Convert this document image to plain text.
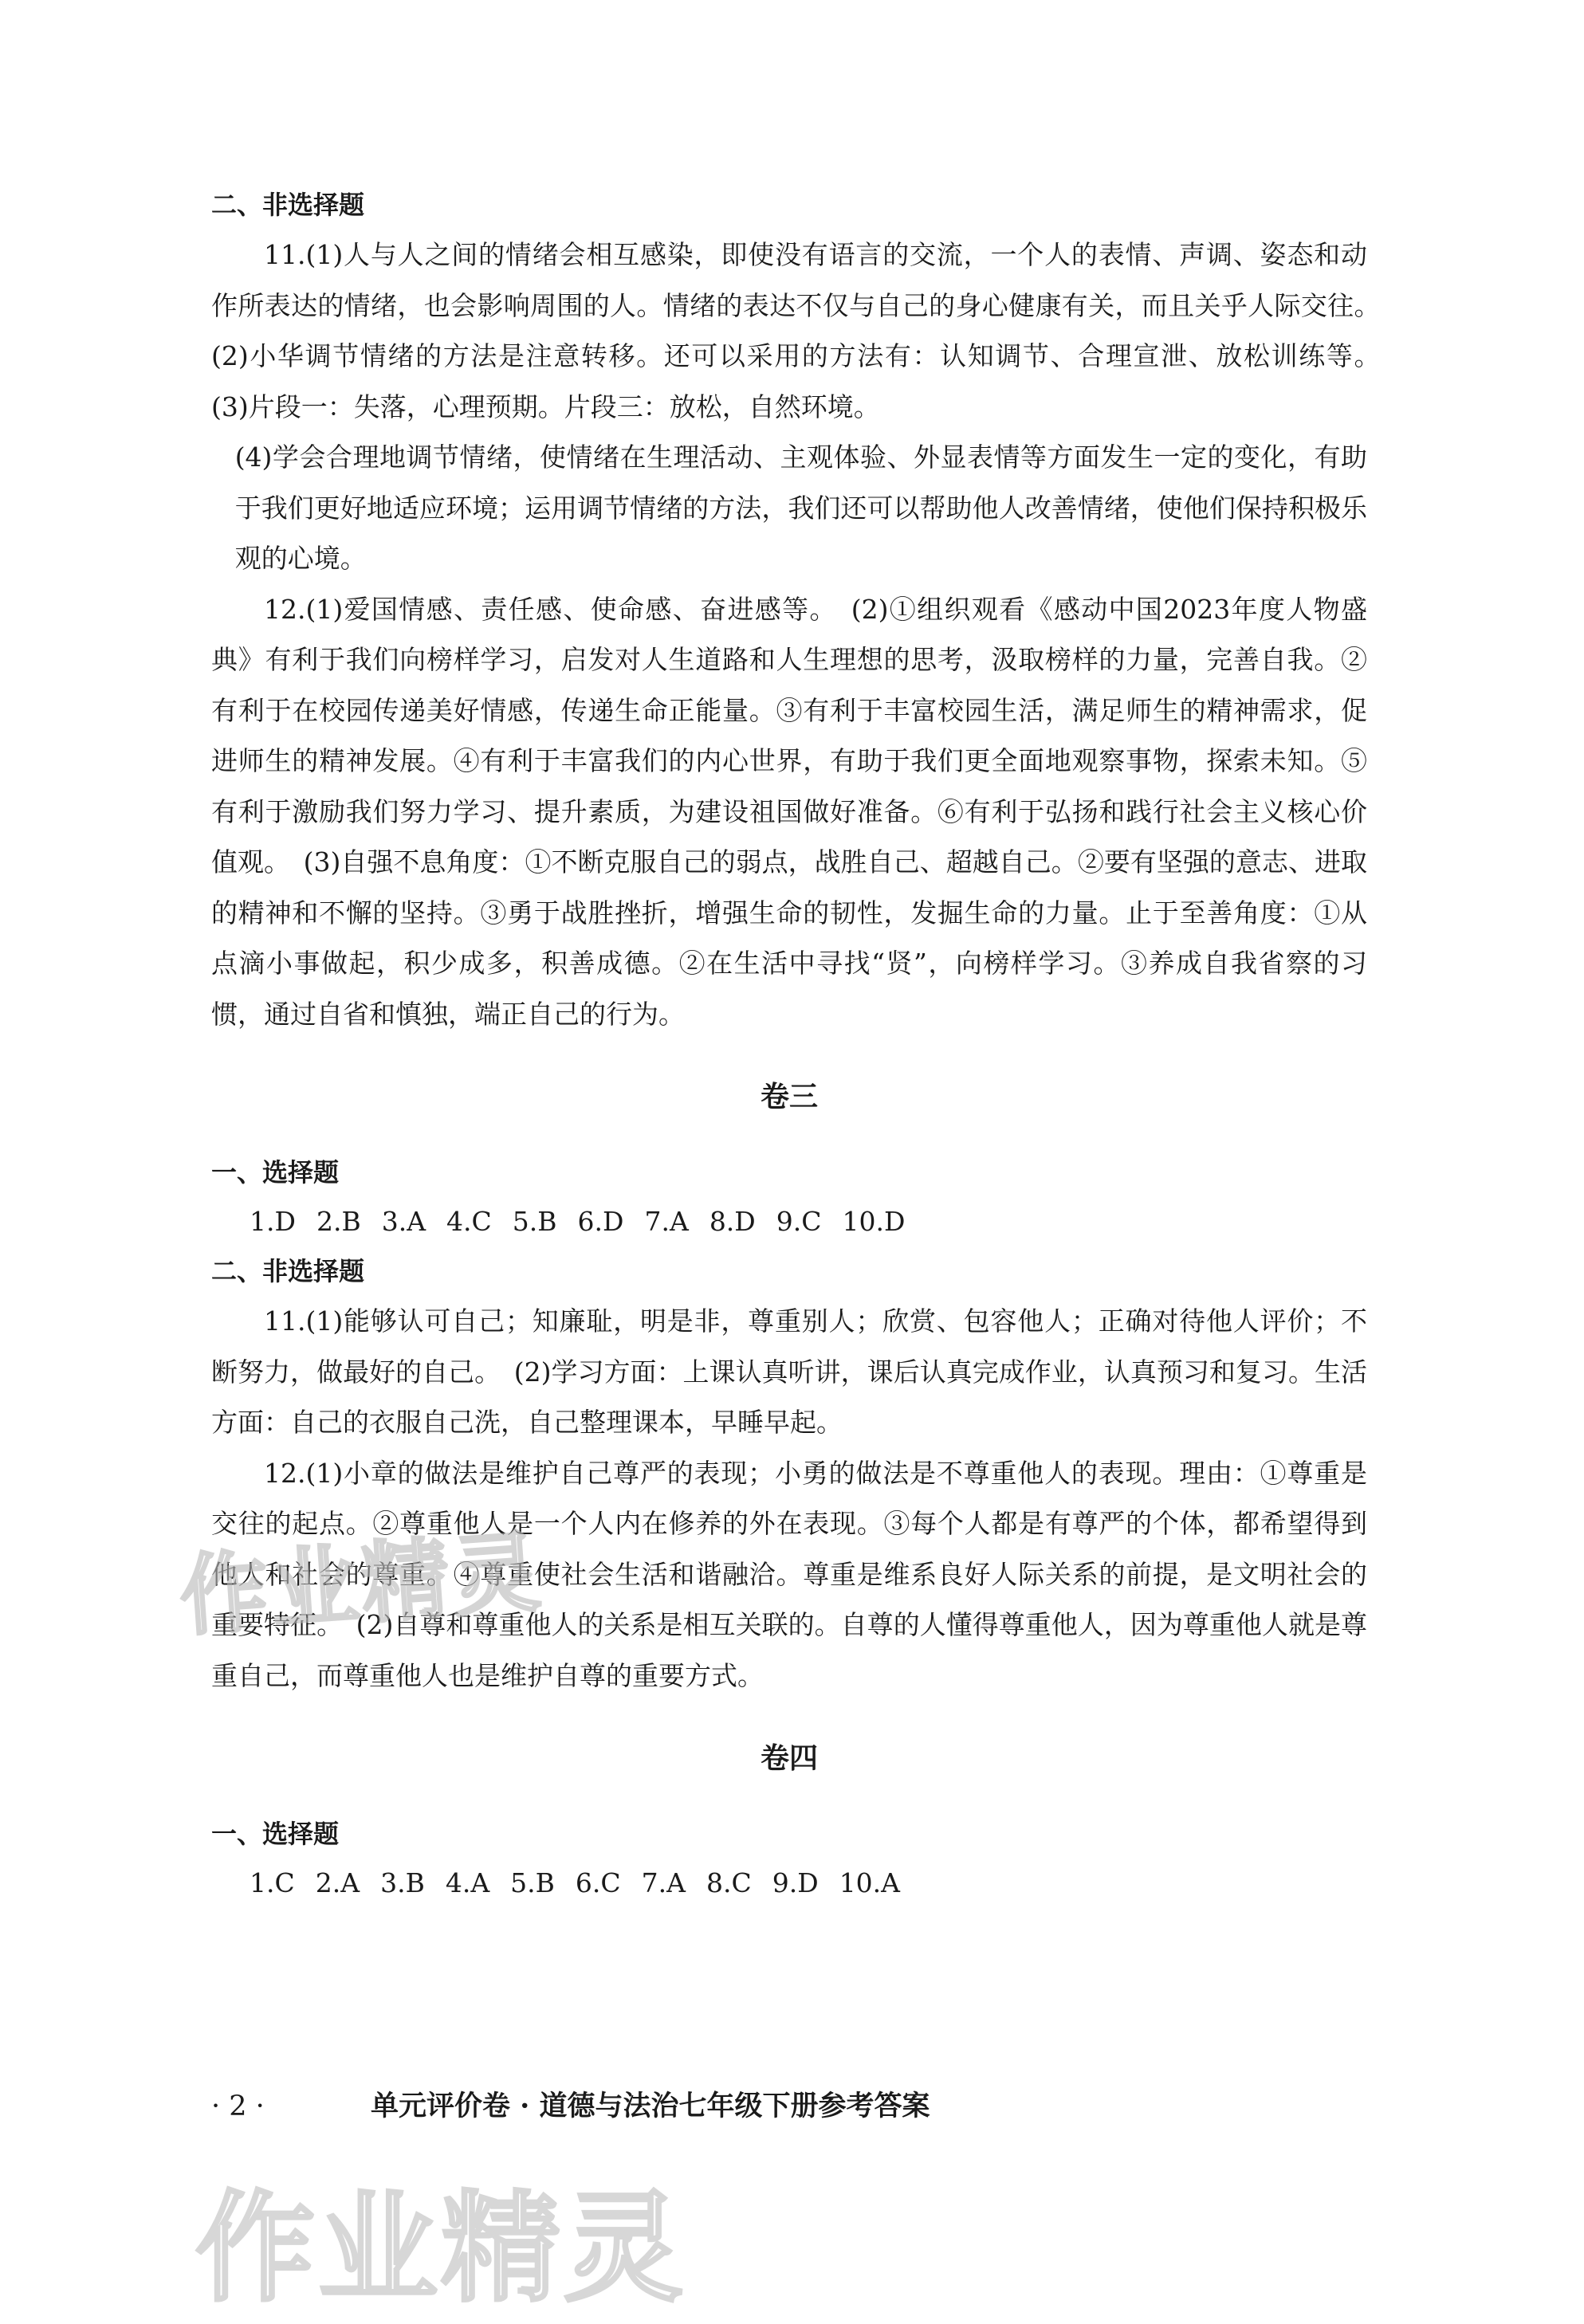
二、非选择题

11.(1)人与人之间的情绪会相互感染，即使没有语言的交流，一个人的表情、声调、姿态和动作所表达的情绪，也会影响周围的人。情绪的表达不仅与自己的身心健康有关，而且关乎人际交往。　(2)小华调节情绪的方法是注意转移。还可以采用的方法有：认知调节、合理宣泄、放松训练等。　(3)片段一：失落，心理预期。片段三：放松，自然环境。

(4)学会合理地调节情绪，使情绪在生理活动、主观体验、外显表情等方面发生一定的变化，有助于我们更好地适应环境；运用调节情绪的方法，我们还可以帮助他人改善情绪，使他们保持积极乐观的心境。

12.(1)爱国情感、责任感、使命感、奋进感等。　(2)①组织观看《感动中国2023年度人物盛典》有利于我们向榜样学习，启发对人生道路和人生理想的思考，汲取榜样的力量，完善自我。②有利于在校园传递美好情感，传递生命正能量。③有利于丰富校园生活，满足师生的精神需求，促进师生的精神发展。④有利于丰富我们的内心世界，有助于我们更全面地观察事物，探索未知。⑤有利于激励我们努力学习、提升素质，为建设祖国做好准备。⑥有利于弘扬和践行社会主义核心价值观。　(3)自强不息角度：①不断克服自己的弱点，战胜自己、超越自己。②要有坚强的意志、进取的精神和不懈的坚持。③勇于战胜挫折，增强生命的韧性，发掘生命的力量。止于至善角度：①从点滴小事做起，积少成多，积善成德。②在生活中寻找“贤”，向榜样学习。③养成自我省察的习惯，通过自省和慎独，端正自己的行为。

卷三
一、选择题
1.D 2.B 3.A 4.C 5.B 6.D 7.A 8.D 9.C 10.D
二、非选择题

11.(1)能够认可自己；知廉耻，明是非，尊重别人；欣赏、包容他人；正确对待他人评价；不断努力，做最好的自己。　(2)学习方面：上课认真听讲，课后认真完成作业，认真预习和复习。生活方面：自己的衣服自己洗，自己整理课本，早睡早起。

12.(1)小章的做法是维护自己尊严的表现；小勇的做法是不尊重他人的表现。理由：①尊重是交往的起点。②尊重他人是一个人内在修养的外在表现。③每个人都是有尊严的个体，都希望得到他人和社会的尊重。④尊重使社会生活和谐融洽。尊重是维系良好人际关系的前提，是文明社会的重要特征。　(2)自尊和尊重他人的关系是相互关联的。自尊的人懂得尊重他人，因为尊重他人就是尊重自己，而尊重他人也是维护自尊的重要方式。

卷四
一、选择题
1.C 2.A 3.B 4.A 5.B 6.C 7.A 8.C 9.D 10.A
· 2 ·	单元评价卷 · 道德与法治七年级下册参考答案
作业精灵
作业精灵
